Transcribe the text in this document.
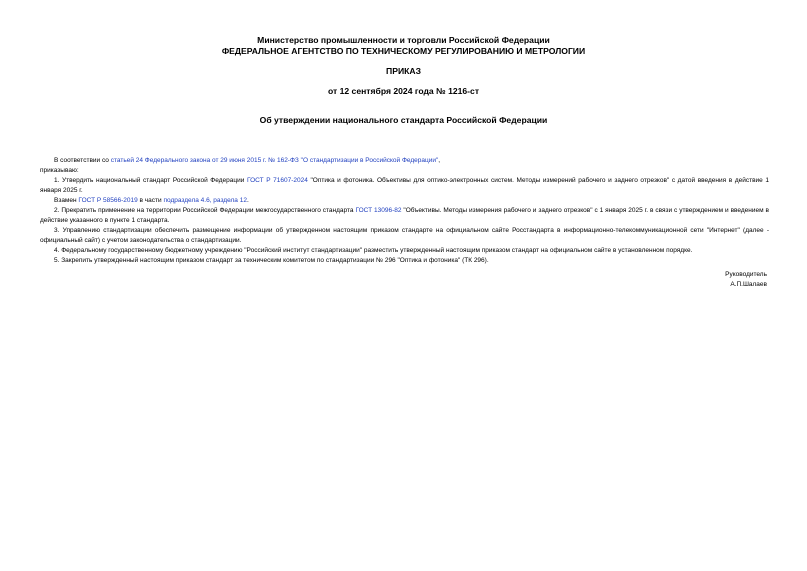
Министерство промышленности и торговли Российской Федерации
ФЕДЕРАЛЬНОЕ АГЕНТСТВО ПО ТЕХНИЧЕСКОМУ РЕГУЛИРОВАНИЮ И МЕТРОЛОГИИ
ПРИКАЗ
от 12 сентября 2024 года № 1216-ст
Об утверждении национального стандарта Российской Федерации

В соответствии со статьей 24 Федерального закона от 29 июня 2015 г. № 162-ФЗ "О стандартизации в Российской Федерации",

приказываю:

1. Утвердить национальный стандарт Российской Федерации ГОСТ Р 71607-2024 "Оптика и фотоника. Объективы для оптико-электронных систем. Методы измерений рабочего и заднего отрезков" с датой введения в действие 1 января 2025 г.

Взамен ГОСТ Р 58566-2019 в части подраздела 4.6, раздела 12.

2. Прекратить применение на территории Российской Федерации межгосударственного стандарта ГОСТ 13096-82 "Объективы. Методы измерения рабочего и заднего отрезков" с 1 января 2025 г. в связи с утверждением и введением в действие указанного в пункте 1 стандарта.

3. Управлению стандартизации обеспечить размещение информации об утвержденном настоящим приказом стандарте на официальном сайте Росстандарта в информационно-телекоммуникационной сети "Интернет" (далее - официальный сайт) с учетом законодательства о стандартизации.

4. Федеральному государственному бюджетному учреждению "Российский институт стандартизации" разместить утвержденный настоящим приказом стандарт на официальном сайте в установленном порядке.

5. Закрепить утвержденный настоящим приказом стандарт за техническим комитетом по стандартизации № 296 "Оптика и фотоника" (ТК 296).

Руководитель
А.П.Шалаев
